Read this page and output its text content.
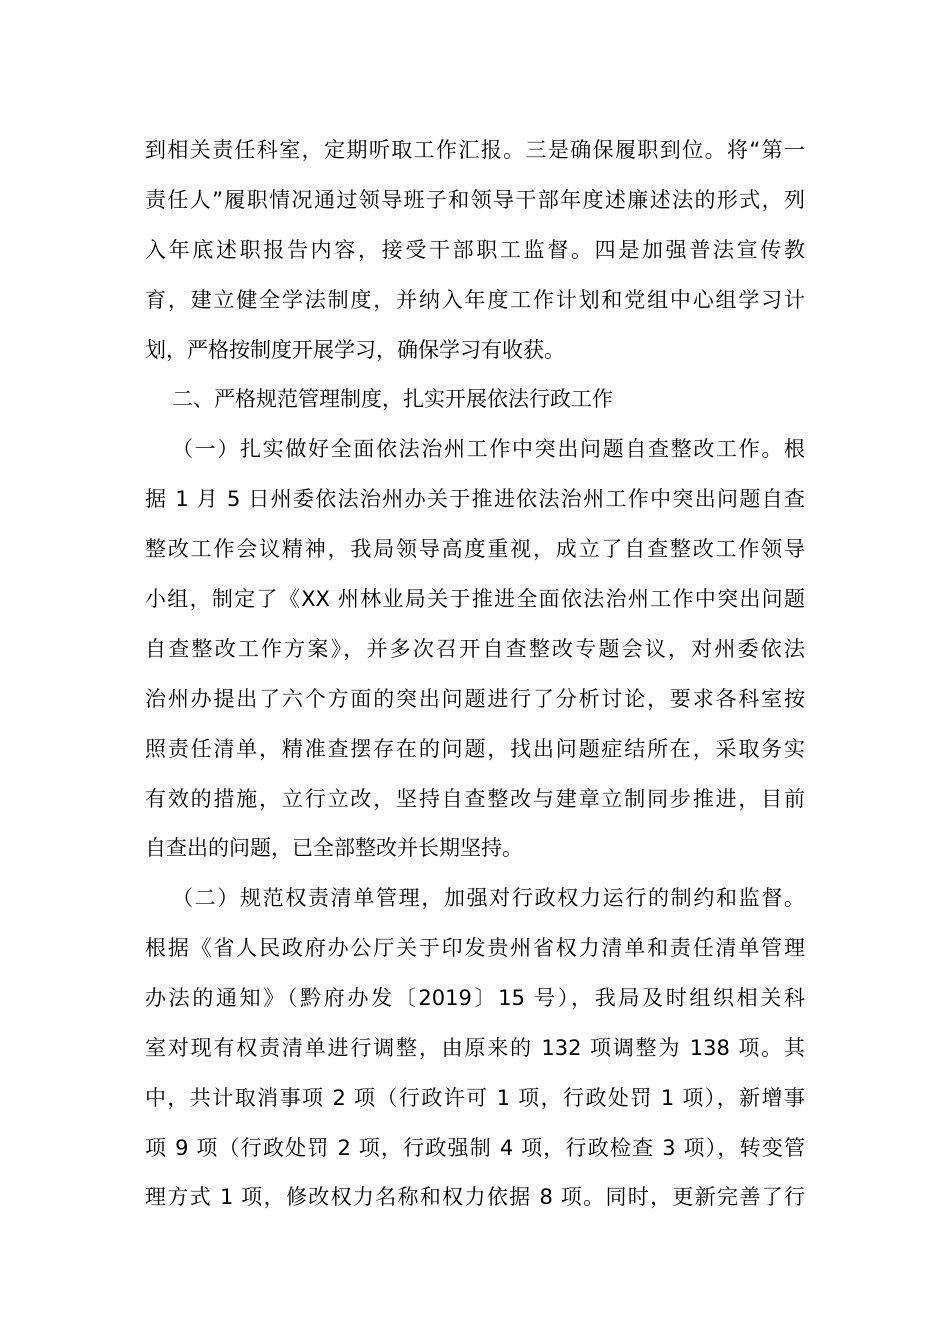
到相关责任科室，定期听取工作汇报。三是确保履职到位。将“第一
责任人”履职情况通过领导班子和领导干部年度述廉述法的形式，列
入年底述职报告内容，接受干部职工监督。四是加强普法宣传教
育，建立健全学法制度，并纳入年度工作计划和党组中心组学习计
划，严格按制度开展学习，确保学习有收获。
二、严格规范管理制度，扎实开展依法行政工作
（一）扎实做好全面依法治州工作中突出问题自查整改工作。根
据 1 月 5 日州委依法治州办关于推进依法治州工作中突出问题自查
整改工作会议精神，我局领导高度重视，成立了自查整改工作领导
小组，制定了《XX 州林业局关于推进全面依法治州工作中突出问题
自查整改工作方案》，并多次召开自查整改专题会议，对州委依法
治州办提出了六个方面的突出问题进行了分析讨论，要求各科室按
照责任清单，精准查摆存在的问题，找出问题症结所在，采取务实
有效的措施，立行立改，坚持自查整改与建章立制同步推进，目前
自查出的问题，已全部整改并长期坚持。
（二）规范权责清单管理，加强对行政权力运行的制约和监督。
根据《省人民政府办公厅关于印发贵州省权力清单和责任清单管理
办法的通知》（黔府办发〔2019〕15 号），我局及时组织相关科
室对现有权责清单进行调整，由原来的 132 项调整为 138 项。其
中，共计取消事项 2 项（行政许可 1 项，行政处罚 1 项），新增事
项 9 项（行政处罚 2 项，行政强制 4 项，行政检查 3 项），转变管
理方式 1 项，修改权力名称和权力依据 8 项。同时，更新完善了行
